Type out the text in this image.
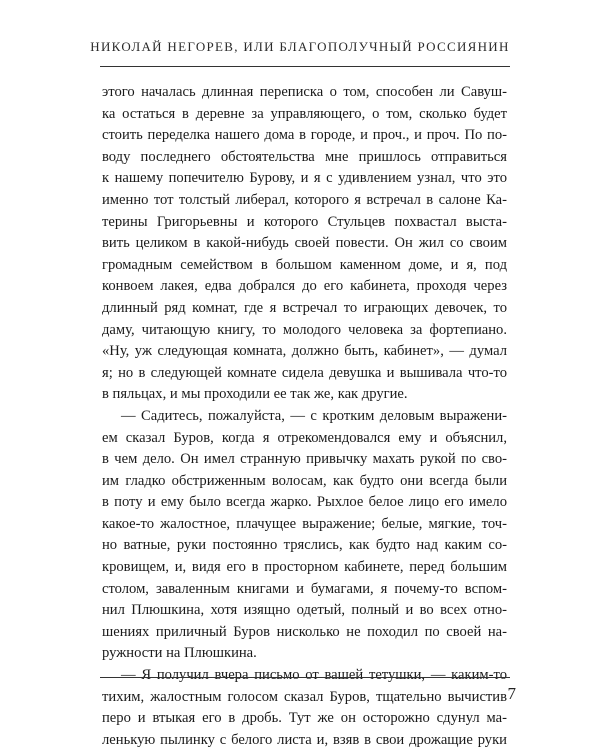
НИКОЛАЙ НЕГОРЕВ, ИЛИ БЛАГОПОЛУЧНЫЙ РОССИЯНИН
этого началась длинная переписка о том, способен ли Савуш-
ка остаться в деревне за управляющего, о том, сколько будет
стоить переделка нашего дома в городе, и проч., и проч. По по-
воду последнего обстоятельства мне пришлось отправиться
к нашему попечителю Бурову, и я с удивлением узнал, что это
именно тот толстый либерал, которого я встречал в салоне Ка-
терины Григорьевны и которого Стульцев похвастал выста-
вить целиком в какой-нибудь своей повести. Он жил со своим
громадным семейством в большом каменном доме, и я, под
конвоем лакея, едва добрался до его кабинета, проходя через
длинный ряд комнат, где я встречал то играющих девочек, то
даму, читающую книгу, то молодого человека за фортепиано.
«Ну, уж следующая комната, должно быть, кабинет», — думал
я; но в следующей комнате сидела девушка и вышивала что-то
в пяльцах, и мы проходили ее так же, как другие.
— Садитесь, пожалуйста, — с кротким деловым выражени-
ем сказал Буров, когда я отрекомендовался ему и объяснил,
в чем дело. Он имел странную привычку махать рукой по сво-
им гладко обстриженным волосам, как будто они всегда были
в поту и ему было всегда жарко. Рыхлое белое лицо его имело
какое-то жалостное, плачущее выражение; белые, мягкие, точ-
но ватные, руки постоянно тряслись, как будто над каким со-
кровищем, и, видя его в просторном кабинете, перед большим
столом, заваленным книгами и бумагами, я почему-то вспом-
нил Плюшкина, хотя изящно одетый, полный и во всех отно-
шениях приличный Буров нисколько не походил по своей на-
ружности на Плюшкина.
— Я получил вчера письмо от вашей тетушки, — каким-то
тихим, жалостным голосом сказал Буров, тщательно вычистив
перо и втыкая его в дробь. Тут же он осторожно сдунул ма-
ленькую пылинку с белого листа и, взяв в свои дрожащие руки
7
